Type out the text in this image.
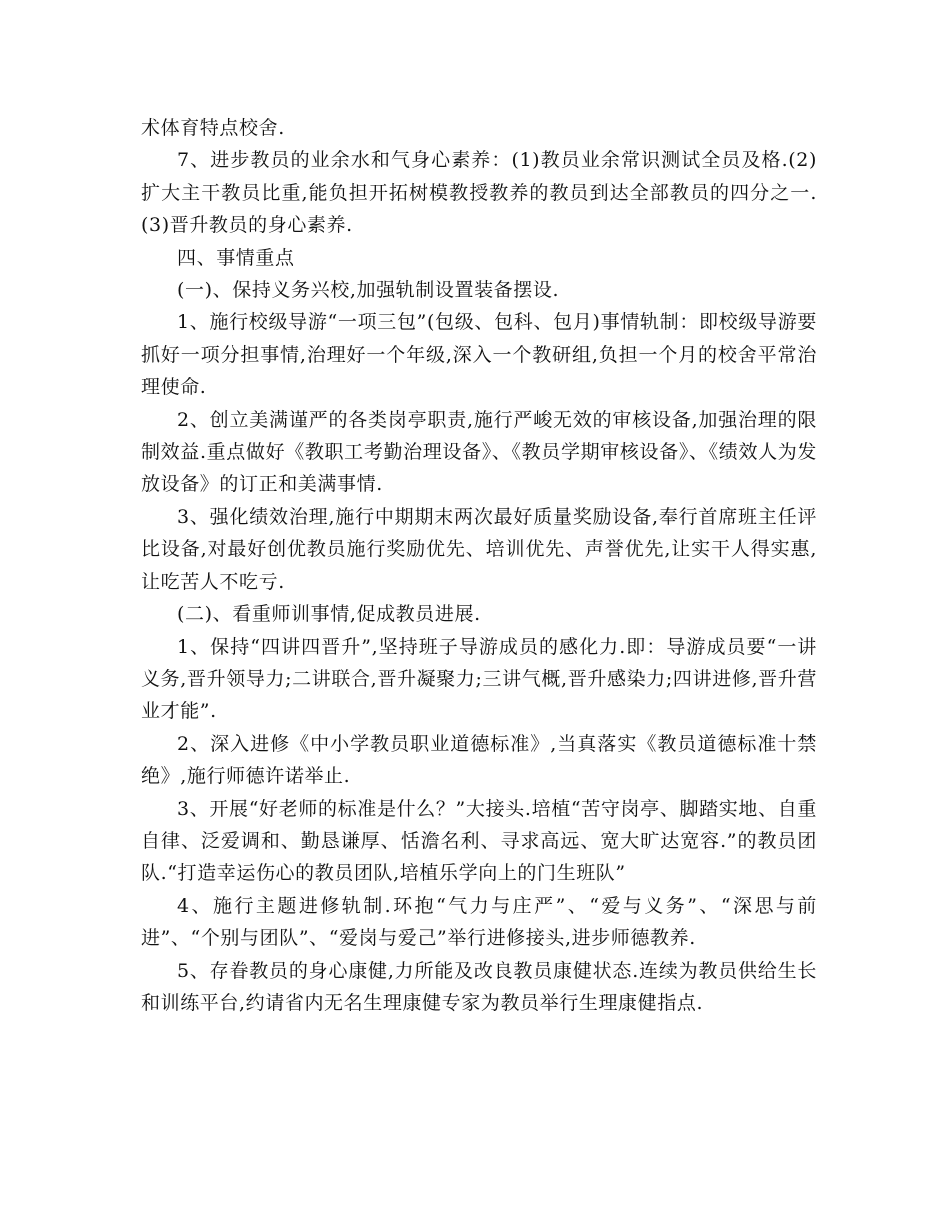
术体育特点校舍.

7、进步教员的业余水和气身心素养：(1)教员业余常识测试全员及格.(2)扩大主干教员比重,能负担开拓树模教授教养的教员到达全部教员的四分之一.(3)晋升教员的身心素养.

四、事情重点

(一)、保持义务兴校,加强轨制设置装备摆设.

1、施行校级导游“一项三包”(包级、包科、包月)事情轨制：即校级导游要抓好一项分担事情,治理好一个年级,深入一个教研组,负担一个月的校舍平常治理使命.

2、创立美满谨严的各类岗亭职责,施行严峻无效的审核设备,加强治理的限制效益.重点做好《教职工考勤治理设备》、《教员学期审核设备》、《绩效人为发放设备》的订正和美满事情.

3、强化绩效治理,施行中期期末两次最好质量奖励设备,奉行首席班主任评比设备,对最好创优教员施行奖励优先、培训优先、声誉优先,让实干人得实惠,让吃苦人不吃亏.

(二)、看重师训事情,促成教员进展.

1、保持“四讲四晋升”,坚持班子导游成员的感化力.即：导游成员要“一讲义务,晋升领导力;二讲联合,晋升凝聚力;三讲气概,晋升感染力;四讲进修,晋升营业才能”.

2、深入进修《中小学教员职业道德标准》,当真落实《教员道德标准十禁绝》,施行师德许诺举止.

3、开展“好老师的标准是什么？”大接头.培植“苦守岗亭、脚踏实地、自重自律、泛爱调和、勤恳谦厚、恬澹名利、寻求高远、宽大旷达宽容.”的教员团队.“打造幸运伤心的教员团队,培植乐学向上的门生班队”

4、施行主题进修轨制.环抱“气力与庄严”、“爱与义务”、“深思与前进”、“个别与团队”、“爱岗与爱己”举行进修接头,进步师德教养.

5、存眷教员的身心康健,力所能及改良教员康健状态.连续为教员供给生长和训练平台,约请省内无名生理康健专家为教员举行生理康健指点.
